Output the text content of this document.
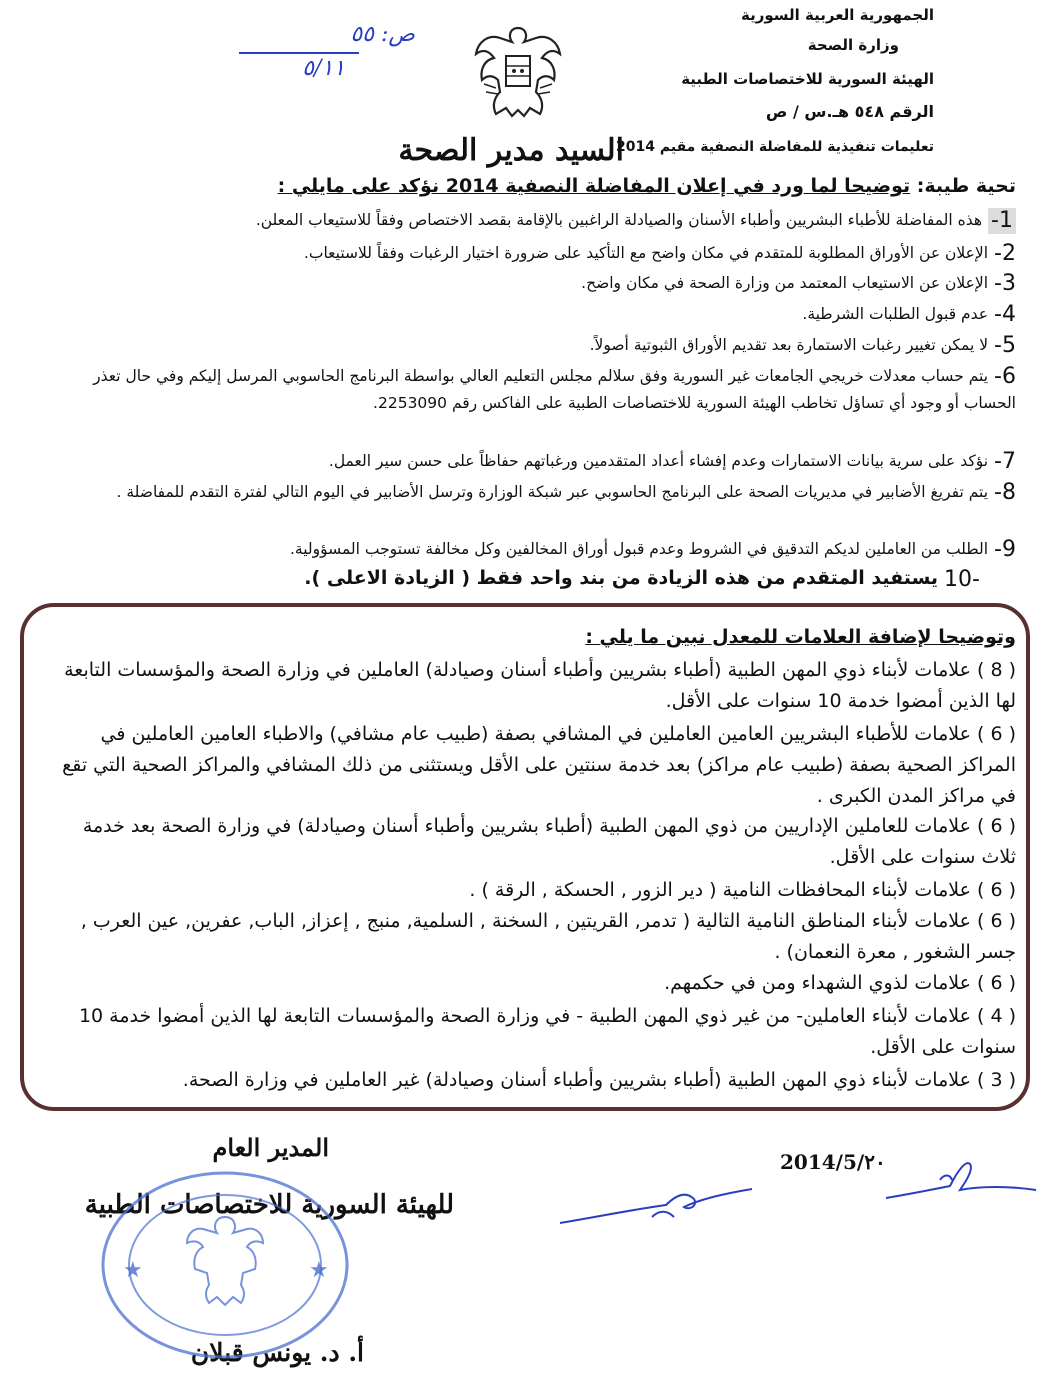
الجمهورية العربية السورية
وزارة الصحة
الهيئة السورية للاختصاصات الطبية
الرقم ٥٤٨ هـ.س / ص
ص: ٥٥
٥/١١
السيد مدير الصحة
تعليمات تنفيذية للمفاضلة النصفية مقيم 2014
تحية طيبة: توضيحا لما ورد في إعلان المفاضلة النصفية 2014 نؤكد على مايلي :
1-هذه المفاضلة للأطباء البشريين وأطباء الأسنان والصيادلة الراغبين بالإقامة بقصد الاختصاص وفقاً للاستيعاب المعلن.
2-الإعلان عن الأوراق المطلوبة للمتقدم في مكان واضح مع التأكيد على ضرورة اختيار الرغبات وفقاً للاستيعاب.
3-الإعلان عن الاستيعاب المعتمد من وزارة الصحة في مكان واضح.
4-عدم قبول الطلبات الشرطية.
5-لا يمكن تغيير رغبات الاستمارة بعد تقديم الأوراق الثبوتية أصولاً.
6-يتم حساب معدلات خريجي الجامعات غير السورية وفق سلالم مجلس التعليم العالي بواسطة البرنامج الحاسوبي المرسل إليكم وفي حال تعذر الحساب أو وجود أي تساؤل تخاطب الهيئة السورية للاختصاصات الطبية على الفاكس رقم 2253090.
7-نؤكد على سرية بيانات الاستمارات وعدم إفشاء أعداد المتقدمين ورغباتهم حفاظاً على حسن سير العمل.
8-يتم تفريغ الأضابير في مديريات الصحة على البرنامج الحاسوبي عبر شبكة الوزارة وترسل الأضابير في اليوم التالي لفترة التقدم للمفاضلة .
9-الطلب من العاملين لديكم التدقيق في الشروط وعدم قبول أوراق المخالفين وكل مخالفة تستوجب المسؤولية.
-10يستفيد المتقدم من هذه الزيادة من بند واحد فقط ( الزيادة الاعلى ).
وتوضيحا لإضافة العلامات للمعدل نبين ما يلي :
( 8 ) علامات لأبناء ذوي المهن الطبية (أطباء بشريين وأطباء أسنان وصيادلة) العاملين في وزارة الصحة والمؤسسات التابعة لها الذين أمضوا خدمة 10 سنوات على الأقل.
( 6 ) علامات للأطباء البشريين العامين العاملين في المشافي بصفة (طبيب عام مشافي) والاطباء العامين العاملين في المراكز الصحية بصفة (طبيب عام مراكز) بعد خدمة سنتين على الأقل ويستثنى من ذلك المشافي والمراكز الصحية التي تقع في مراكز المدن الكبرى .
( 6 ) علامات للعاملين الإداريين من ذوي المهن الطبية (أطباء بشريين وأطباء أسنان وصيادلة) في وزارة الصحة بعد خدمة ثلاث سنوات على الأقل.
( 6 ) علامات لأبناء المحافظات النامية ( دير الزور , الحسكة , الرقة ) .
( 6 ) علامات لأبناء المناطق النامية التالية ( تدمر, القريتين , السخنة , السلمية, منبج , إعزاز, الباب, عفرين, عين العرب , جسر الشغور , معرة النعمان) .
( 6 ) علامات لذوي الشهداء ومن في حكمهم.
( 4 ) علامات لأبناء العاملين- من غير ذوي المهن الطبية - في وزارة الصحة والمؤسسات التابعة لها الذين أمضوا خدمة 10 سنوات على الأقل.
( 3 ) علامات لأبناء ذوي المهن الطبية (أطباء بشريين وأطباء أسنان وصيادلة) غير العاملين في وزارة الصحة.
المدير العام
للهيئة السورية للاختصاصات الطبية
أ. د. يونس قبلان
2014/5/٢٠
★	★
